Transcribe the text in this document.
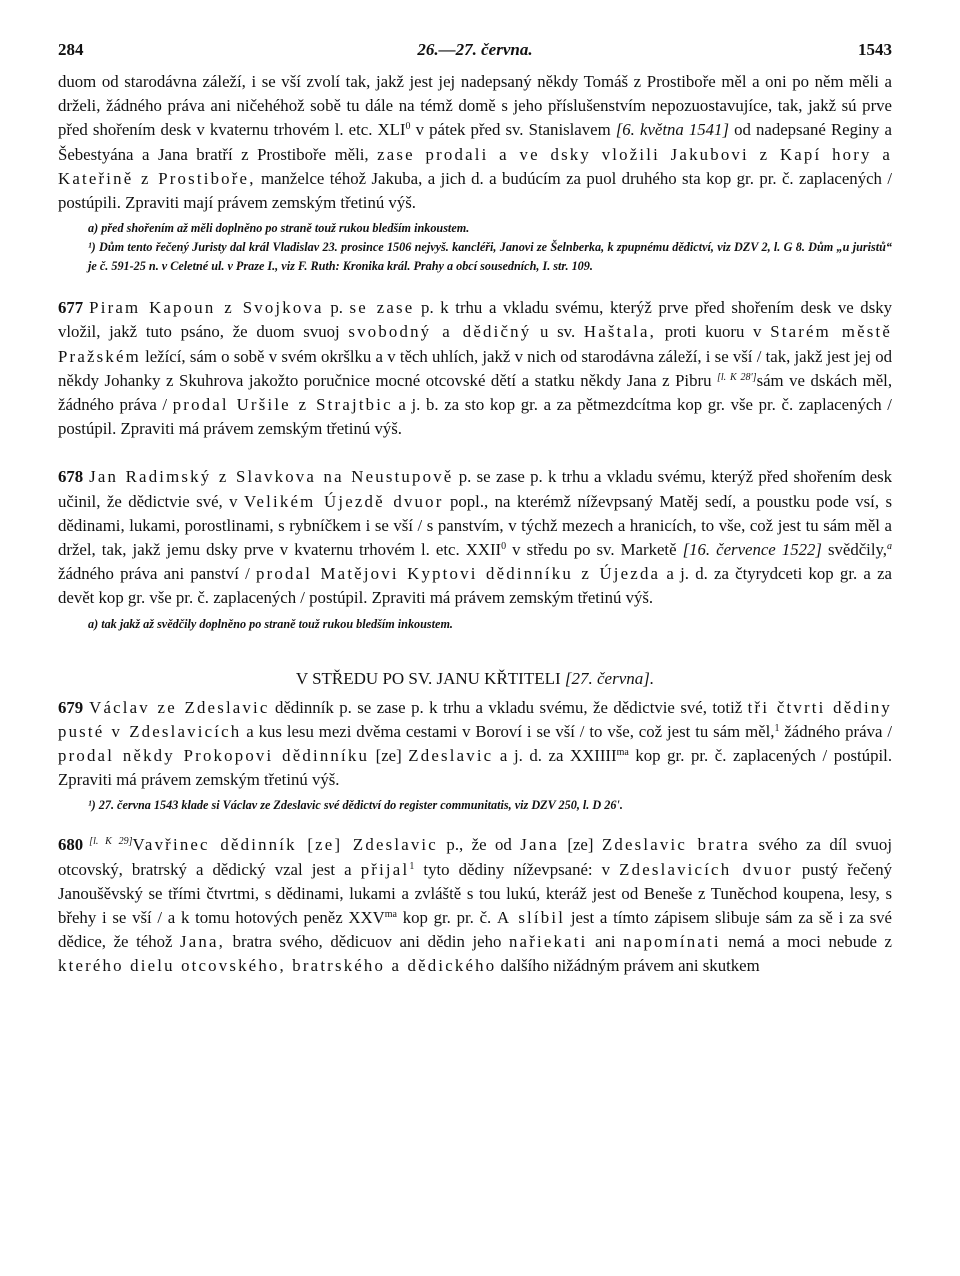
284	26.—27. června.	1543

duom od starodávna záleží, i se vší zvolí tak, jakž jest jej nadepsaný někdy Tomáš z Prostiboře měl a oni po něm měli a drželi, žádného práva ani ničehéhož sobě tu dále na témž domě s jeho příslušenstvím nepozuostavujíce, tak, jakž sú prve před shořením desk v kvaternu trhovém l. etc. XLI$^0$ v pátek před sv. Stanislavem [6. května 1541] od nadepsané Reginy a Šebestyána a Jana bratří z Prostiboře měli, zase prodali a ve dsky vložili Jakubovi z Kapí hory a Kateřině z Prostiboře, manželce téhož Jakuba, a jich d. a budúcím za puol druhého sta kop gr. pr. č. zaplacených / postúpili. Zpraviti mají právem zemským třetinú výš.

a) před shořením až měli doplněno po straně touž rukou bledším inkoustem.

¹) Dům tento řečený Juristy dal král Vladislav 23. prosince 1506 nejvyš. kancléři, Janovi ze Šelnberka, k zpupnému dědictví, viz DZV 2, l. G 8. Dům „u juristů“ je č. 591-25 n. v Celetné ul. v Praze I., viz F. Ruth: Kronika král. Prahy a obcí sousedních, I. str. 109.

677 Piram Kapoun z Svojkova p. se zase p. k trhu a vkladu svému, kterýž prve před shořením desk ve dsky vložil, jakž tuto psáno, že duom svuoj svobodný a dědičný u sv. Haštala, proti kuoru v Starém městě Pražském ležící, sám o sobě v svém okršlku a v těch uhlích, jakž v nich od starodávna záleží, i se vší / tak, jakž jest jej od někdy Johanky z Skuhrova jakožto poručnice mocné otcovské dětí a statku někdy Jana z Pibru [l. K 28']sám ve dskách měl, žádného práva / prodal Uršile z Strajtbic a j. b. za sto kop gr. a za pětmezdcítma kop gr. vše pr. č. zaplacených / postúpil. Zpraviti má právem zemským třetinú výš.

678 Jan Radimský z Slavkova na Neustupově p. se zase p. k trhu a vkladu svému, kterýž před shořením desk učinil, že dědictvie své, v Velikém Újezdě dvuor popl., na kterémž níževpsaný Matěj sedí, a poustku pode vsí, s dědinami, lukami, porostlinami, s rybníčkem i se vší / s panstvím, v týchž mezech a hranicích, to vše, což jest tu sám měl a držel, tak, jakž jemu dsky prve v kvaternu trhovém l. etc. XXII$^0$ v středu po sv. Marketě [16. července 1522] svědčily,$^a$ žádného práva ani panství / prodal Matějovi Kyptovi dědinníku z Újezda a j. d. za čtyrydceti kop gr. a za devět kop gr. vše pr. č. zaplacených / postúpil. Zpraviti má právem zemským třetinú výš.

a) tak jakž až svědčily doplněno po straně touž rukou bledším inkoustem.

V STŘEDU PO SV. JANU KŘTITELI [27. června].

679 Václav ze Zdeslavic dědinník p. se zase p. k trhu a vkladu svému, že dědictvie své, totiž tři čtvrti dědiny pusté v Zdeslavicích a kus lesu mezi dvěma cestami v Boroví i se vší / to vše, což jest tu sám měl,$^1$ žádného práva / prodal někdy Prokopovi dědinníku [ze] Zdeslavic a j. d. za $XXIIII^{ma}$ kop gr. pr. č. zaplacených / postúpil. Zpraviti má právem zemským třetinú výš.

¹) 27. června 1543 klade si Václav ze Zdeslavic své dědictví do register communitatis, viz DZV 250, l. D 26'.

680 [l. K 29]Vavřinec dědinník [ze] Zdeslavic p., že od Jana [ze] Zdeslavic bratra svého za díl svuoj otcovský, bratrský a dědický vzal jest a přijal$^1$ tyto dědiny níževpsané: v Zdeslavicích dvuor pustý řečený Janoušěvský se třími čtvrtmi, s dědinami, lukami a zvláště s tou lukú, kteráž jest od Beneše z Tuněchod koupena, lesy, s břehy i se vší / a k tomu hotových peněz $XXV^{ma}$ kop gr. pr. č. A slíbil jest a tímto zápisem slibuje sám za sě i za své dědice, že téhož Jana, bratra svého, dědicuov ani dědin jeho nařiekati ani napomínati nemá a moci nebude z kterého dielu otcovského, bratrského a dědického dalšího nižádným právem ani skutkem
